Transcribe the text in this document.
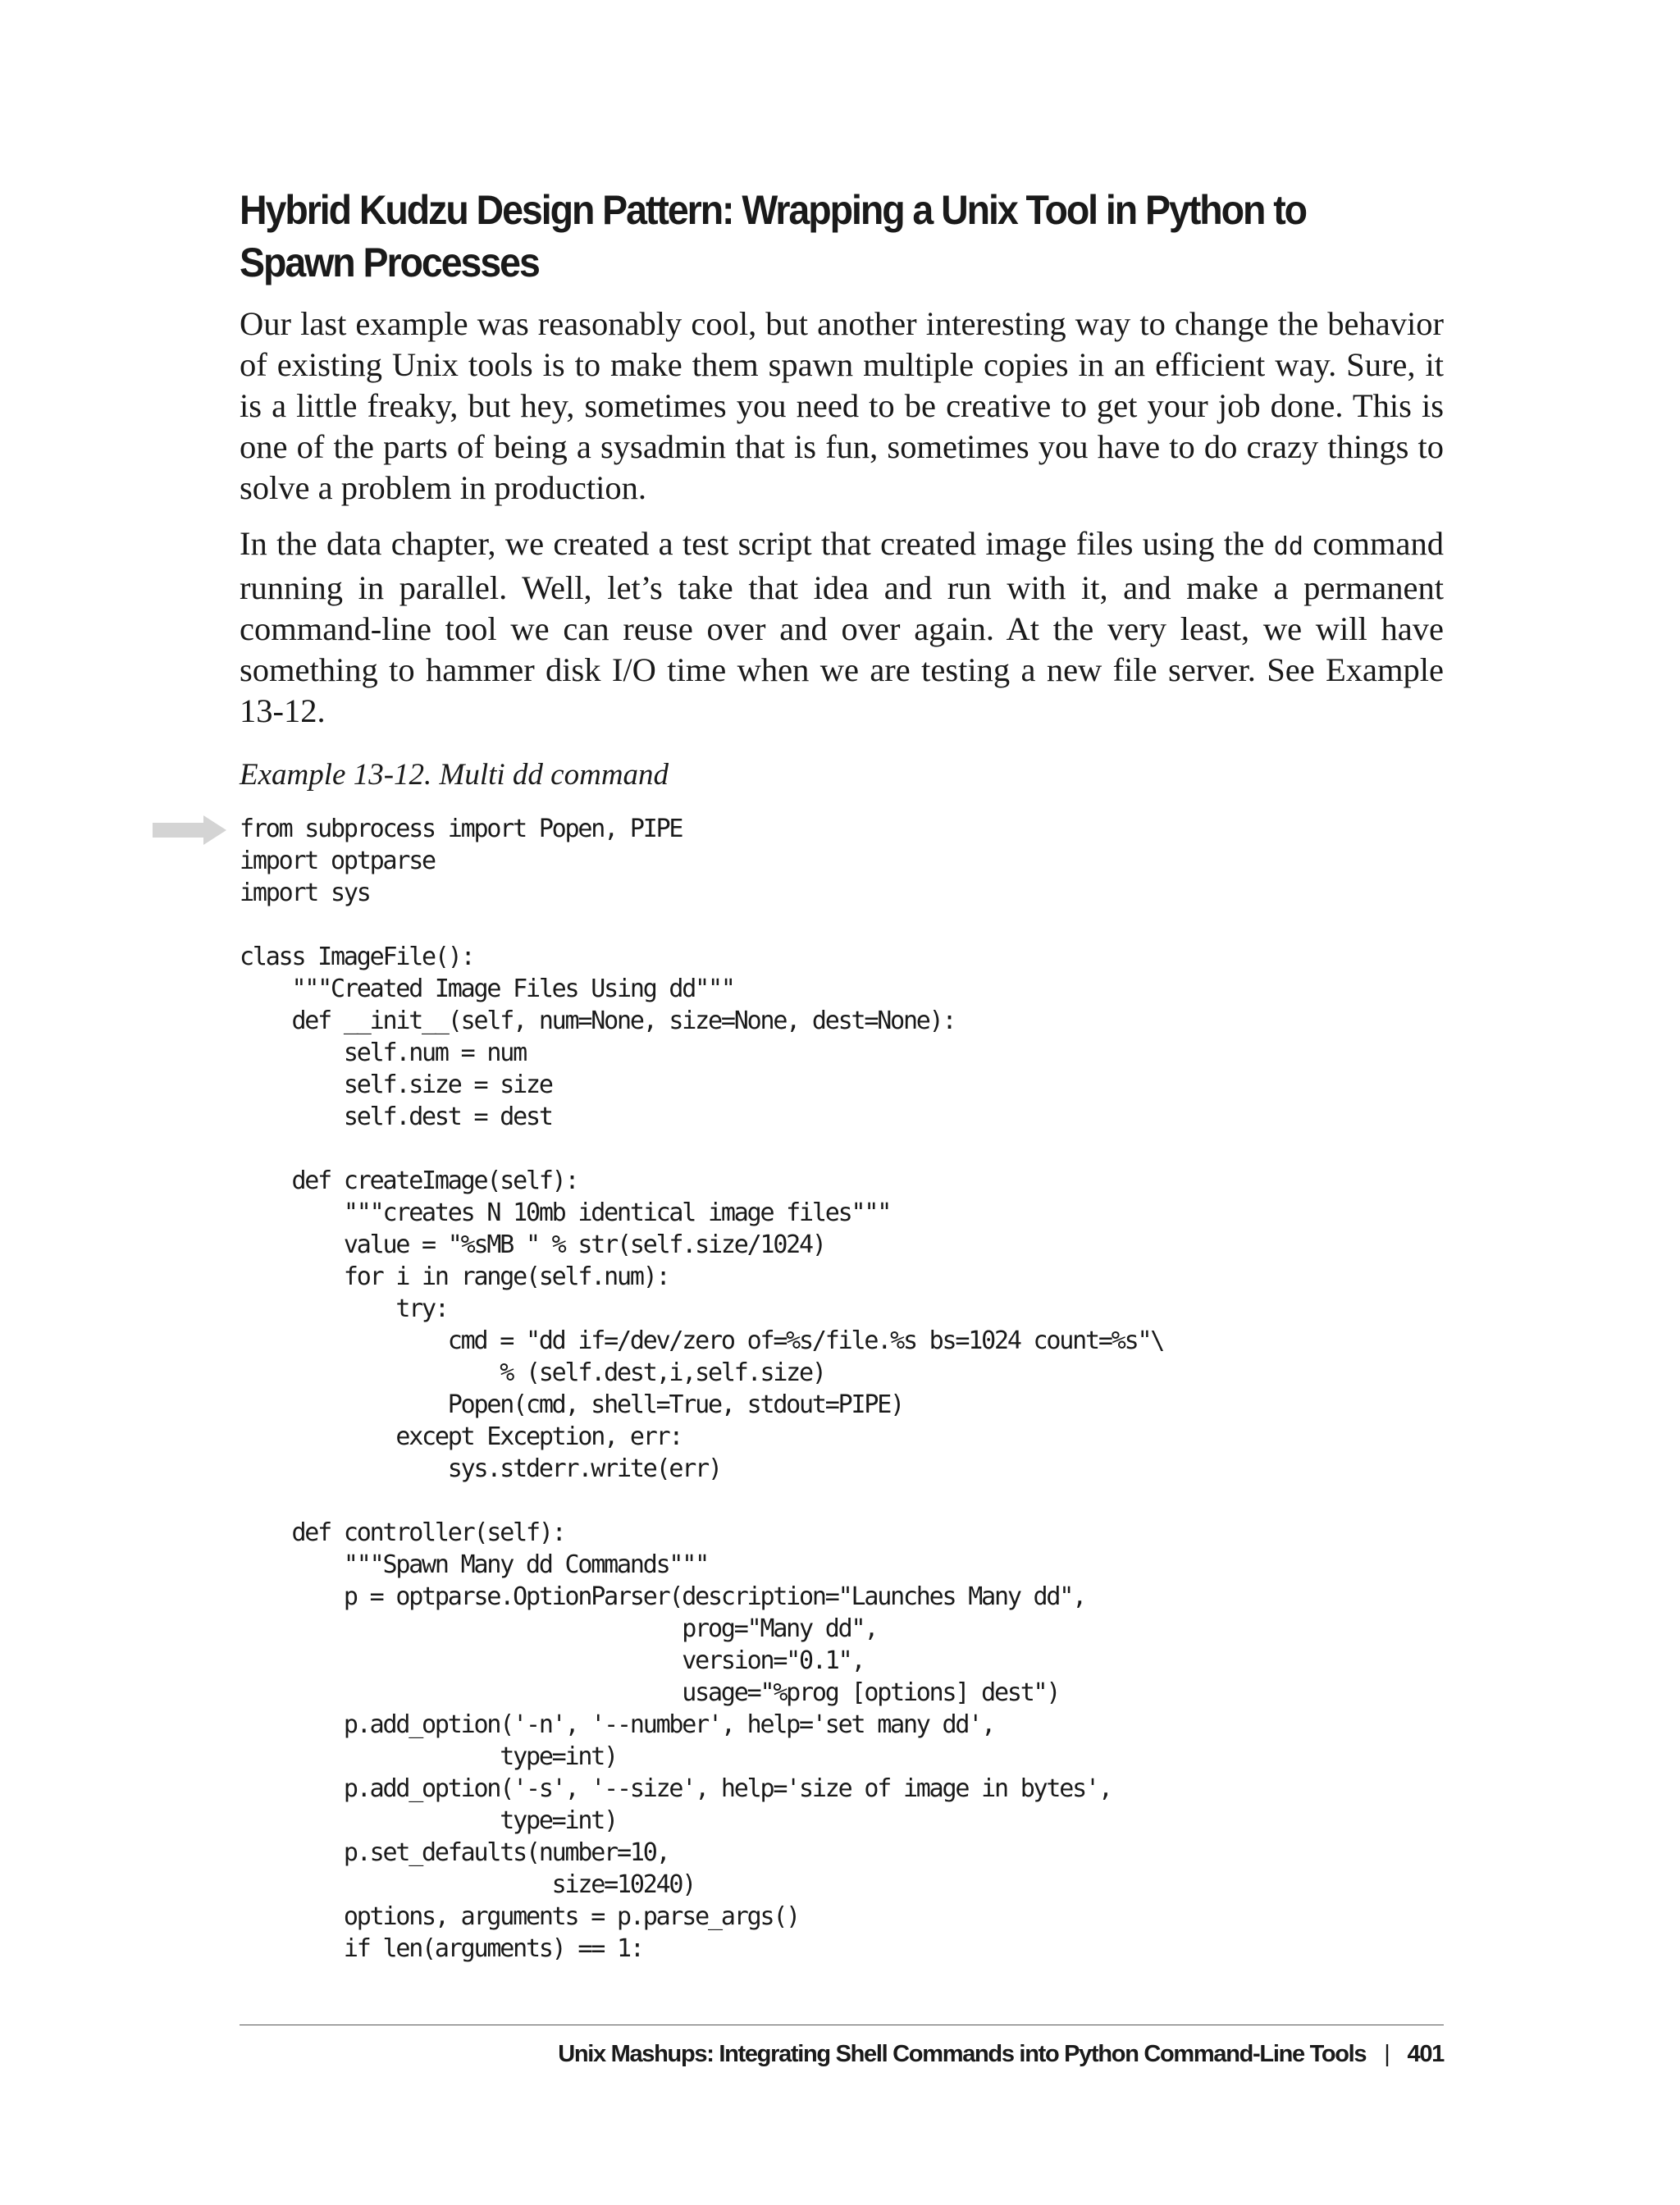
Hybrid Kudzu Design Pattern: Wrapping a Unix Tool in Python to Spawn Processes

Our last example was reasonably cool, but another interesting way to change the behavior of existing Unix tools is to make them spawn multiple copies in an efficient way. Sure, it is a little freaky, but hey, sometimes you need to be creative to get your job done. This is one of the parts of being a sysadmin that is fun, sometimes you have to do crazy things to solve a problem in production.

In the data chapter, we created a test script that created image files using the dd command running in parallel. Well, let’s take that idea and run with it, and make a permanent command-line tool we can reuse over and over again. At the very least, we will have something to hammer disk I/O time when we are testing a new file server. See Example 13-12.

Example 13-12. Multi dd command

from subprocess import Popen, PIPE
import optparse
import sys

class ImageFile():
"""Created Image Files Using dd"""
def __init__(self, num=None, size=None, dest=None):
self.num = num
self.size = size
self.dest = dest

def createImage(self):
"""creates N 10mb identical image files"""
value = "%sMB " % str(self.size/1024)
for i in range(self.num):
try:
cmd = "dd if=/dev/zero of=%s/file.%s bs=1024 count=%s"\
% (self.dest,i,self.size)
Popen(cmd, shell=True, stdout=PIPE)
except Exception, err:
sys.stderr.write(err)

def controller(self):
"""Spawn Many dd Commands"""
p = optparse.OptionParser(description="Launches Many dd",
prog="Many dd",
version="0.1",
usage="%prog [options] dest")
p.add_option('-n', '--number', help='set many dd',
type=int)
p.add_option('-s', '--size', help='size of image in bytes',
type=int)
p.set_defaults(number=10,
size=10240)
options, arguments = p.parse_args()
if len(arguments) == 1:
Unix Mashups: Integrating Shell Commands into Python Command-Line Tools | 401
